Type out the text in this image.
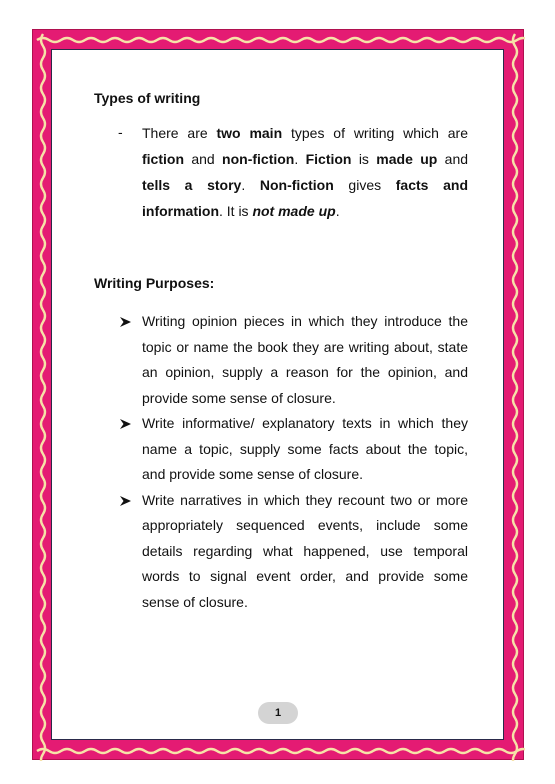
Types of writing
- There are two main types of writing which are fiction and non-fiction. Fiction is made up and tells a story. Non-fiction gives facts and information. It is not made up.
Writing Purposes:
Writing opinion pieces in which they introduce the topic or name the book they are writing about, state an opinion, supply a reason for the opinion, and provide some sense of closure.
Write informative/ explanatory texts in which they name a topic, supply some facts about the topic, and provide some sense of closure.
Write narratives in which they recount two or more appropriately sequenced events, include some details regarding what happened, use temporal words to signal event order, and provide some sense of closure.
1
